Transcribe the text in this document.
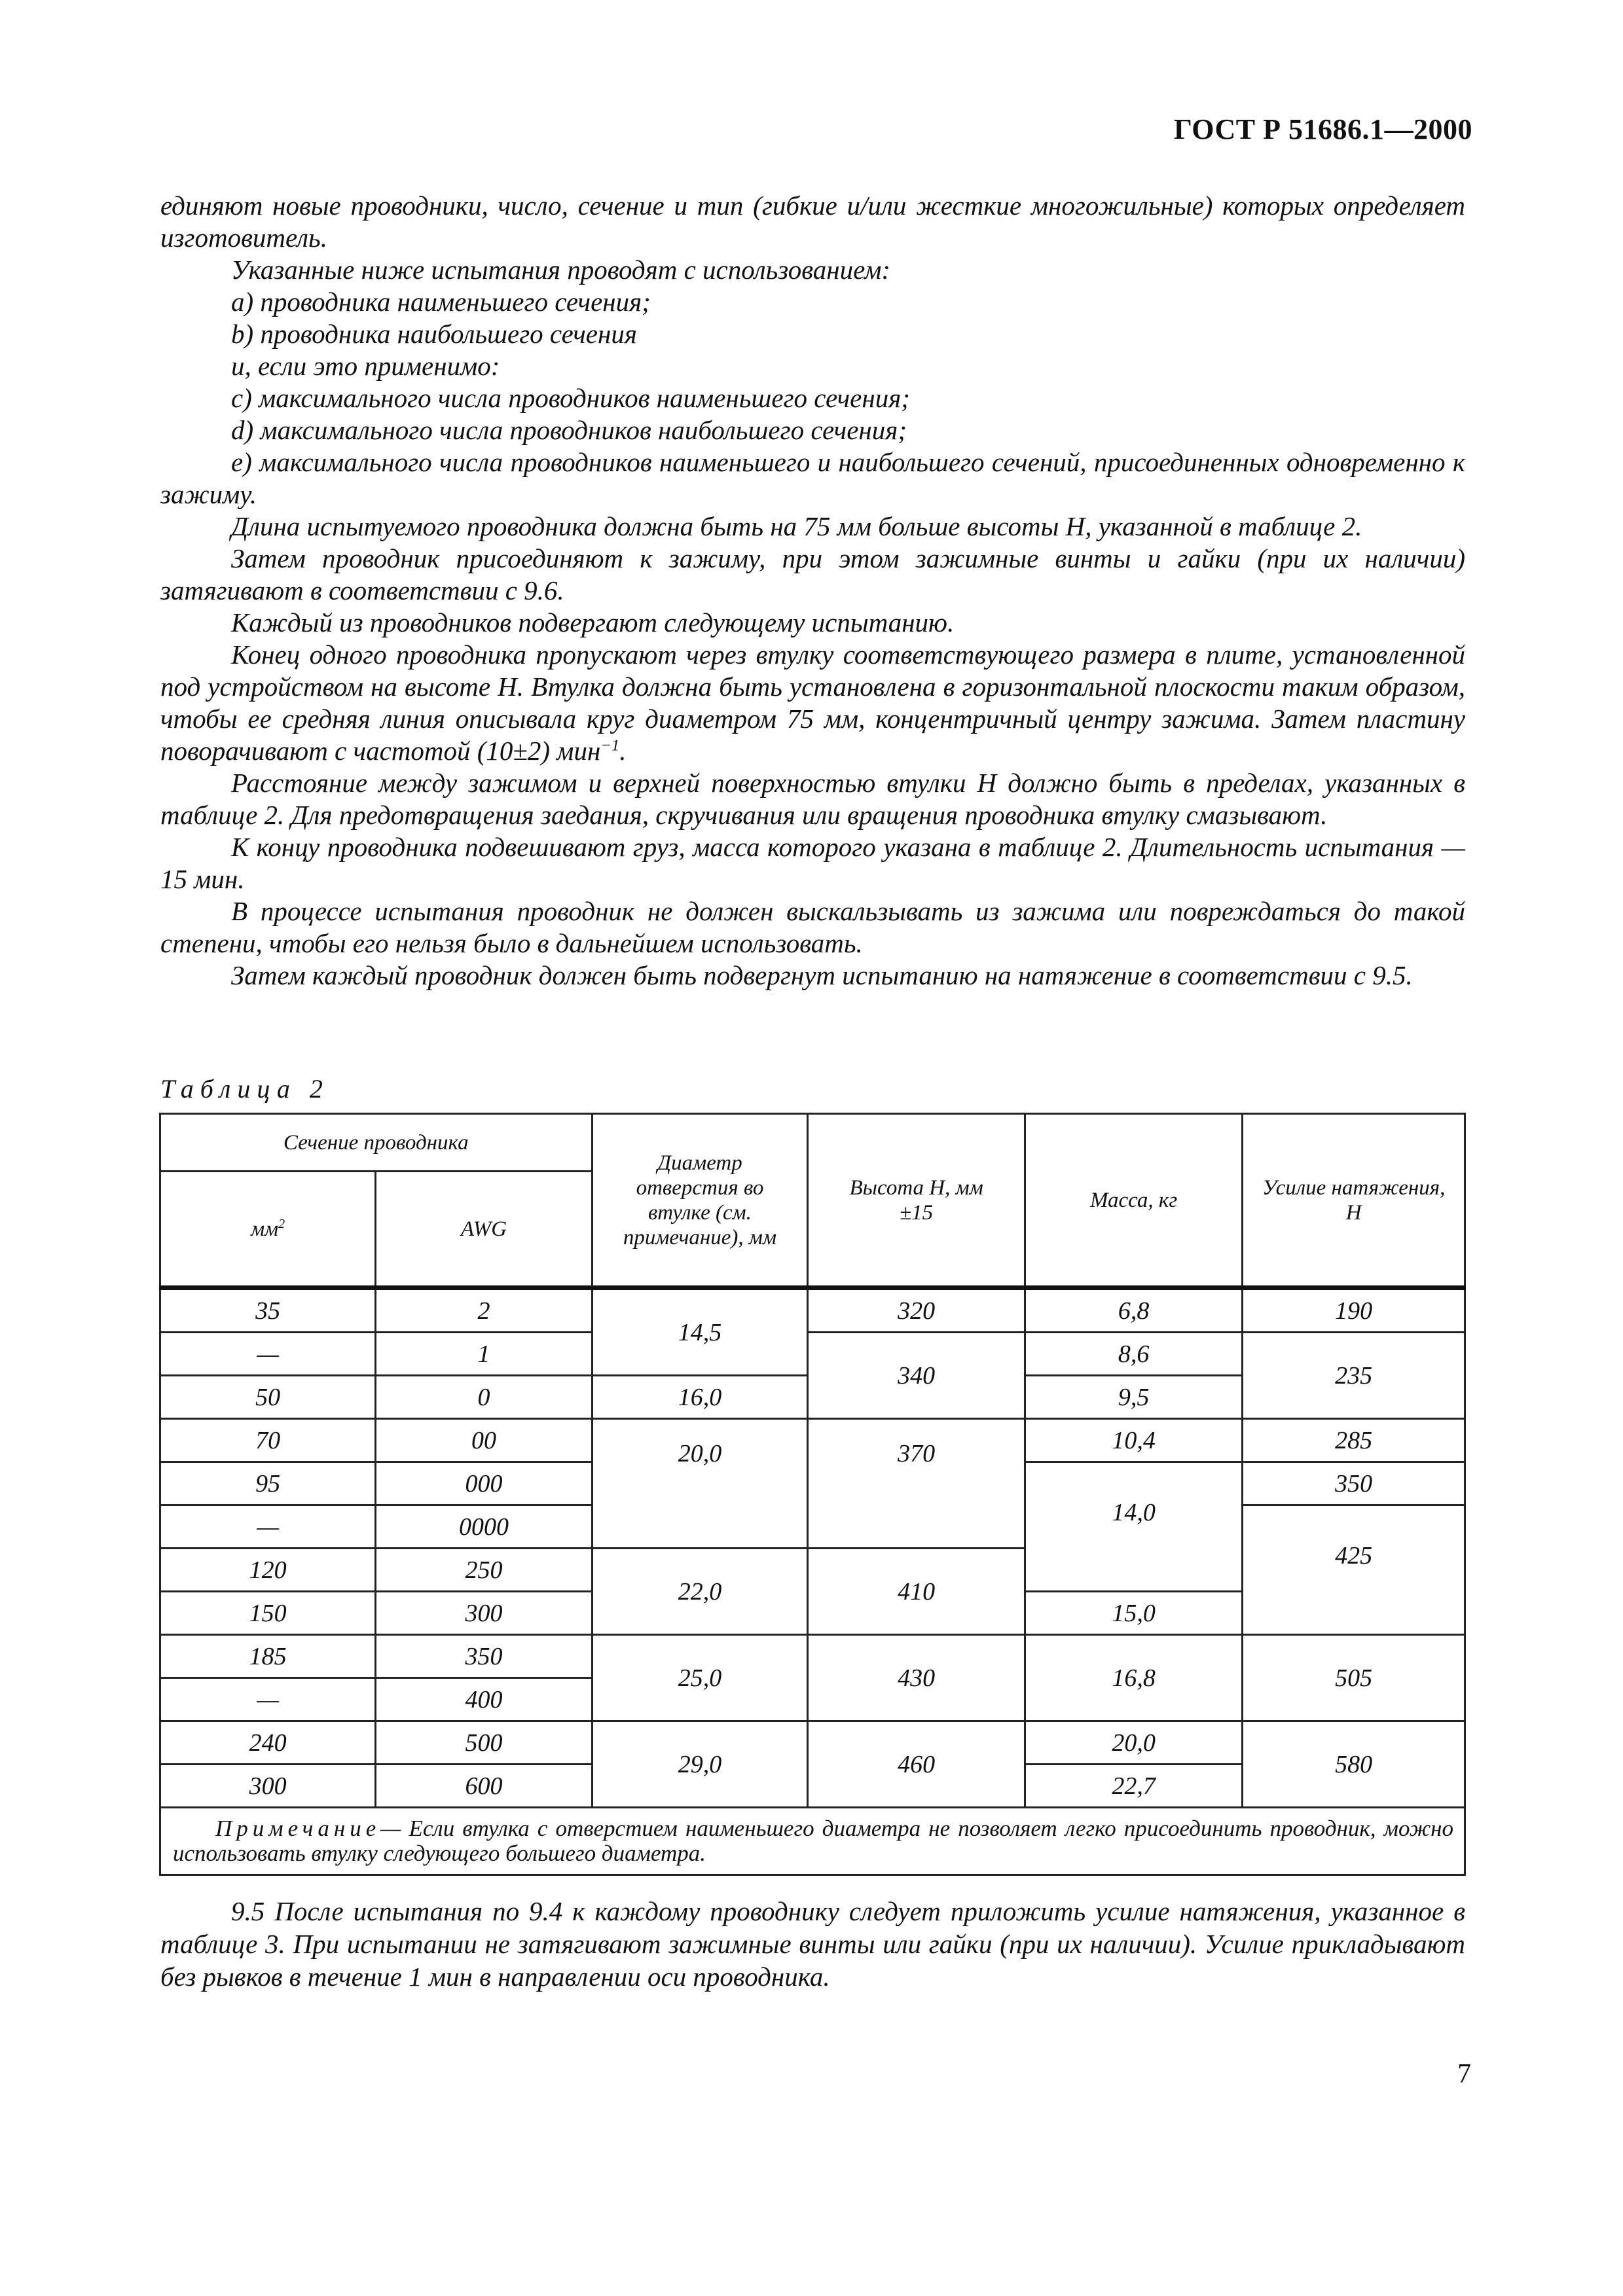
ГОСТ Р 51686.1—2000

единяют новые проводники, число, сечение и тип (гибкие и/или жесткие многожильные) которых определяет изготовитель.

Указанные ниже испытания проводят с использованием:

a) проводника наименьшего сечения;

b) проводника наибольшего сечения

и, если это применимо:

c) максимального числа проводников наименьшего сечения;

d) максимального числа проводников наибольшего сечения;

e) максимального числа проводников наименьшего и наибольшего сечений, присоединенных одновременно к зажиму.

Длина испытуемого проводника должна быть на 75 мм больше высоты Н, указанной в таблице 2.

Затем проводник присоединяют к зажиму, при этом зажимные винты и гайки (при их наличии) затягивают в соответствии с 9.6.

Каждый из проводников подвергают следующему испытанию.

Конец одного проводника пропускают через втулку соответствующего размера в плите, установленной под устройством на высоте Н. Втулка должна быть установлена в горизонтальной плоскости таким образом, чтобы ее средняя линия описывала круг диаметром 75 мм, концентричный центру зажима. Затем пластину поворачивают с частотой (10±2) мин$^{-1}$.

Расстояние между зажимом и верхней поверхностью втулки Н должно быть в пределах, указанных в таблице 2. Для предотвращения заедания, скручивания или вращения проводника втулку смазывают.

К концу проводника подвешивают груз, масса которого указана в таблице 2. Длительность испытания — 15 мин.

В процессе испытания проводник не должен выскальзывать из зажима или повреждаться до такой степени, чтобы его нельзя было в дальнейшем использовать.

Затем каждый проводник должен быть подвергнут испытанию на натяжение в соответствии с 9.5.

Таблица 2
Сечение проводника		Диаметр отверстия во втулке (см. примечание), мм	Высота Н, мм ±15	Масса, кг	Усилие натяжения, Н
$мм^2$	AWG				
35	2	14,5	320	6,8	190
—	1		340	8,6	235
50	0	16,0		9,5	
70	00	20,0	370	10,4	285
95	000			14,0	350
—	0000				425
120	250	22,0	410		
150	300			15,0	
185	350	25,0	430	16,8	505
—	400				
240	500	29,0	460	20,0	580
300	600			22,7	
Примечание— Если втулка с отверстием наименьшего диаметра не позволяет легко присоединить проводник, можно использовать втулку следующего большего диаметра.					

9.5 После испытания по 9.4 к каждому проводнику следует приложить усилие натяжения, указанное в таблице 3. При испытании не затягивают зажимные винты или гайки (при их наличии). Усилие прикладывают без рывков в течение 1 мин в направлении оси проводника.

7
